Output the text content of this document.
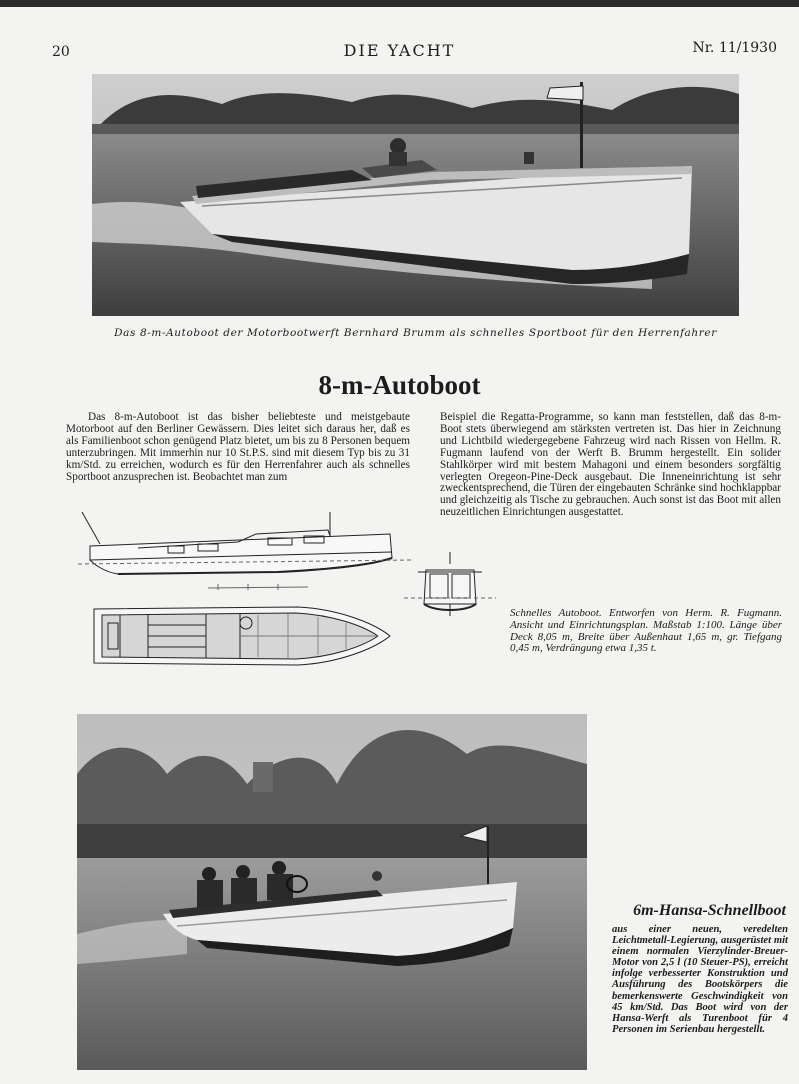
20	DIE YACHT	Nr. 11/1930
Das 8-m-Autoboot der Motorbootwerft Bernhard Brumm als schnelles Sportboot für den Herrenfahrer
8-m-Autoboot
Das 8-m-Autoboot ist das bisher beliebteste und meistgebaute Motorboot auf den Berliner Gewässern. Dies leitet sich daraus her, daß es als Familienboot schon genügend Platz bietet, um bis zu 8 Personen bequem unterzubringen. Mit immerhin nur 10 St.P.S. sind mit diesem Typ bis zu 31 km/Std. zu erreichen, wodurch es für den Herrenfahrer auch als schnelles Sportboot anzusprechen ist. Beobachtet man zum
Beispiel die Regatta-Programme, so kann man feststellen, daß das 8-m-Boot stets überwiegend am stärksten vertreten ist. Das hier in Zeichnung und Lichtbild wiedergegebene Fahrzeug wird nach Rissen von Hellm. R. Fugmann laufend von der Werft B. Brumm hergestellt. Ein solider Stahlkörper wird mit bestem Mahagoni und einem besonders sorgfältig verlegten Oregeon-Pine-Deck ausgebaut. Die Inneneinrichtung ist sehr zweckentsprechend, die Türen der eingebauten Schränke sind hochklappbar und gleichzeitig als Tische zu gebrauchen. Auch sonst ist das Boot mit allen neuzeitlichen Einrichtungen ausgestattet.
Schnelles Autoboot. Entworfen von Herm. R. Fugmann. Ansicht und Einrichtungsplan. Maßstab 1:100. Länge über Deck 8,05 m, Breite über Außenhaut 1,65 m, gr. Tiefgang 0,45 m, Verdrängung etwa 1,35 t.
6m-Hansa-Schnellboot
aus einer neuen, veredelten Leichtmetall-Legierung, ausgerüstet mit einem normalen Vierzylinder-Breuer-Motor von 2,5 l (10 Steuer-PS), erreicht infolge verbesserter Konstruktion und Ausführung des Bootskörpers die bemerkenswerte Geschwindigkeit von 45 km/Std. Das Boot wird von der Hansa-Werft als Turenboot für 4 Personen im Serienbau hergestellt.
